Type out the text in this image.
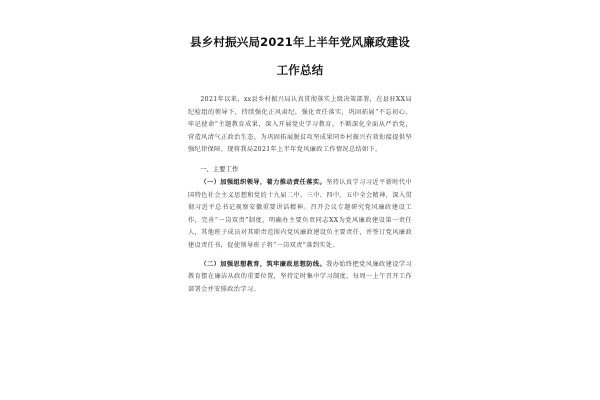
县乡村振兴局2021年上半年党风廉政建设
工作总结

2021年以来，xx县乡村振兴局认真贯彻落实上级决策部署，在县驻XX局纪检组的领导下，持续强化正风肃纪，强化责任落实，巩固拓展“不忘初心、牢记使命”主题教育成果，深入开展党史学习教育，不断深化全面从严治党，营造风清气正政治生态，为巩固拓展脱贫攻坚成果同乡村振兴有效衔接提供坚强纪律保障。现将我局2021年上半年党风廉政工作情况总结如下。

一、主要工作

（一）加强组织领导，着力推动责任落实。坚持认真学习习近平新时代中国特色社会主义思想和党的十九届二中、三中、四中、五中全会精神，深入贯彻习近平总书记视察安徽重要讲话精神。召开会议专题研究党风廉政建设工作，完善“一岗双责”制度，明确办主要负责同志XX为党风廉政建设第一责任人，其他班子成员对其职责范围内党风廉政建设负主要责任，并签订党风廉政建设责任书，促使领导班子将“一岗双责”落到实处。

（二）加强思想教育，筑牢廉政思想防线。我办始终把党风廉政建设学习教育摆在廉洁从政的重要位置，坚持定时集中学习制度，每周一上午召开工作部署会并安排政治学习。
